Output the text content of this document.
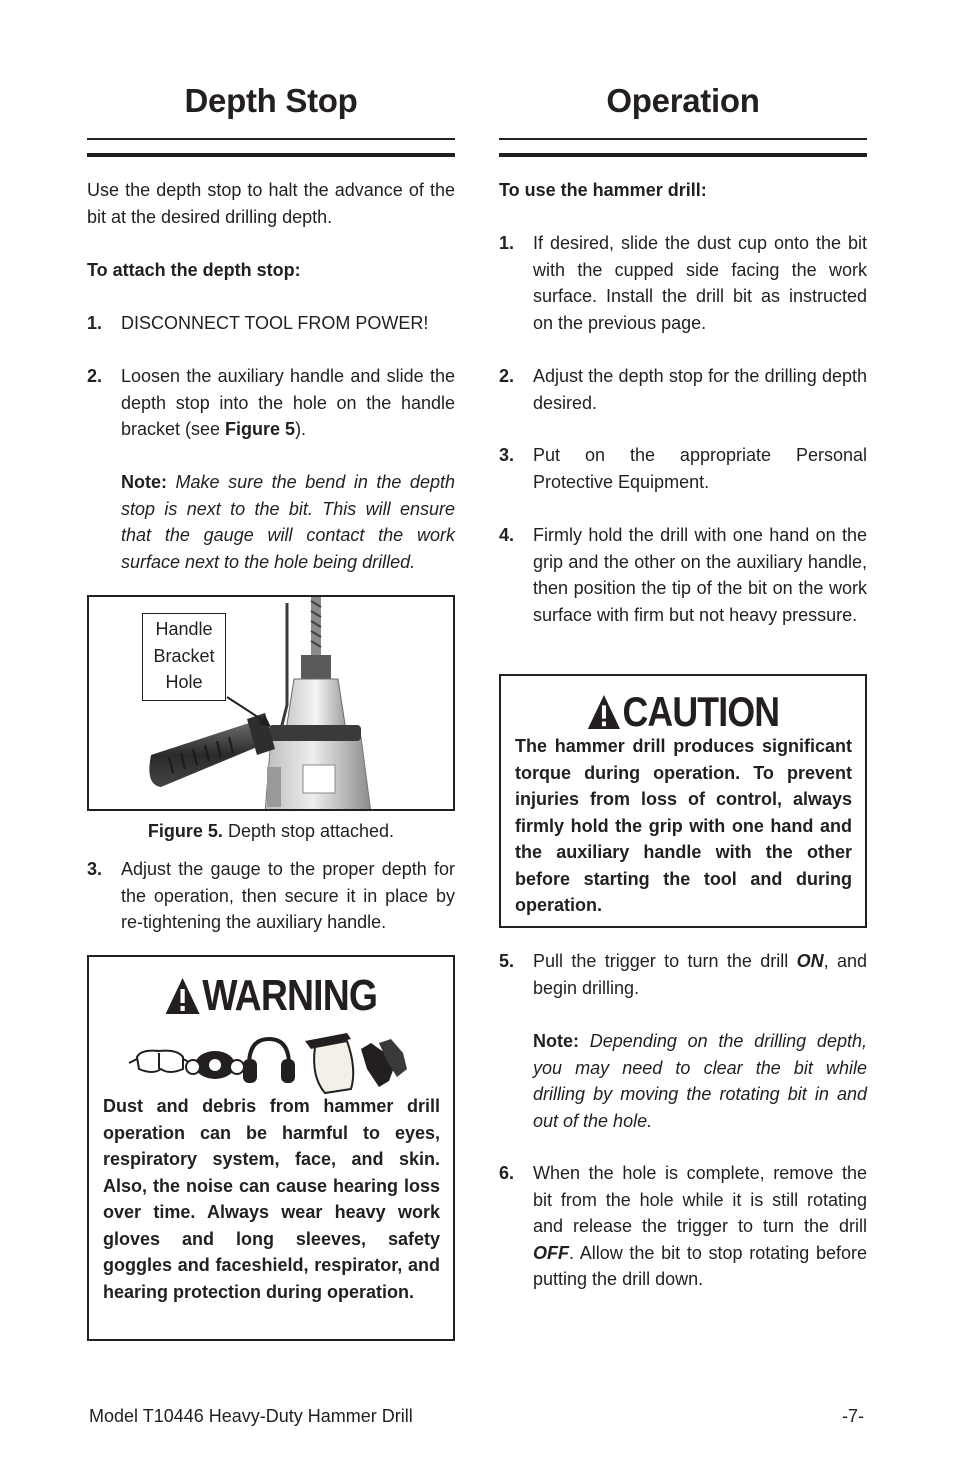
Depth Stop
Use the depth stop to halt the advance of the bit at the desired drilling depth.
To attach the depth stop:
1. DISCONNECT TOOL FROM POWER!
2. Loosen the auxiliary handle and slide the depth stop into the hole on the handle bracket (see Figure 5).
Note: Make sure the bend in the depth stop is next to the bit. This will ensure that the gauge will contact the work surface next to the hole being drilled.
Handle
Bracket
Hole
Figure 5. Depth stop attached.
3. Adjust the gauge to the proper depth for the operation, then secure it in place by re-tightening the auxiliary handle.
WARNING
Dust and debris from hammer drill operation can be harmful to eyes, respiratory system, face, and skin. Also, the noise can cause hearing loss over time. Always wear heavy work gloves and long sleeves, safety goggles and faceshield, respirator, and hearing protection during operation.
Operation
To use the hammer drill:
1. If desired, slide the dust cup onto the bit with the cupped side facing the work surface. Install the drill bit as instructed on the previous page.
2. Adjust the depth stop for the drilling depth desired.
3. Put on the appropriate Personal Protective Equipment.
4. Firmly hold the drill with one hand on the grip and the other on the auxiliary handle, then position the tip of the bit on the work surface with firm but not heavy pressure.
CAUTION
The hammer drill produces significant torque during operation. To prevent injuries from loss of control, always firmly hold the grip with one hand and the auxiliary handle with the other before starting the tool and during operation.
5. Pull the trigger to turn the drill ON, and begin drilling.
Note: Depending on the drilling depth, you may need to clear the bit while drilling by moving the rotating bit in and out of the hole.
6. When the hole is complete, remove the bit from the hole while it is still rotating and release the trigger to turn the drill OFF. Allow the bit to stop rotating before putting the drill down.
Model T10446 Heavy-Duty Hammer Drill	-7-
